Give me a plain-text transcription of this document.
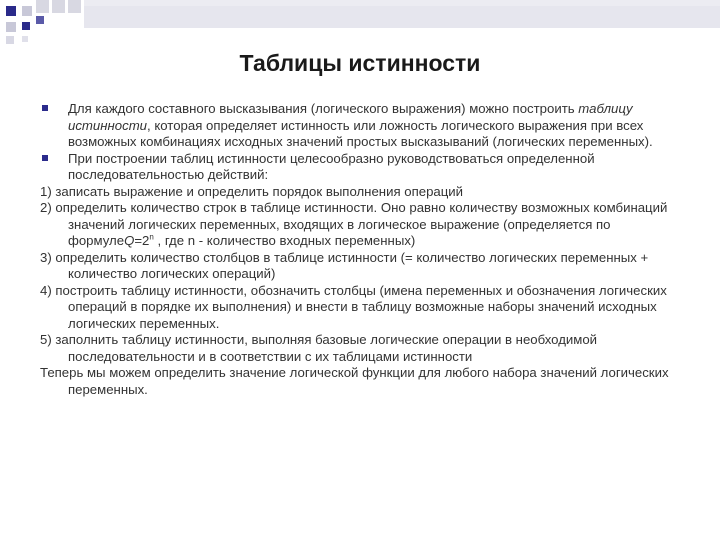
Таблицы истинности

Для каждого составного высказывания (логического выражения) можно построить таблицу истинности, которая определяет истинность или ложность логического выражения при всех возможных комбинациях исходных значений простых высказываний (логических переменных).

При построении таблиц истинности целесообразно руководствоваться определенной последовательностью действий:

1) записать выражение и определить порядок выполнения операций

2) определить количество строк в таблице истинности. Оно равно количеству возможных комбинаций значений логических переменных, входящих в логическое выражение (определяется по $формулеQ=2^n$ , где n - количество входных переменных)

3) определить количество столбцов в таблице истинности (= количество логических переменных + количество логических операций)

4) построить таблицу истинности, обозначить столбцы (имена переменных и обозначения логических операций в порядке их выполнения) и внести в таблицу возможные наборы значений исходных логических переменных.

5) заполнить таблицу истинности, выполняя базовые логические операции в необходимой последовательности и в соответствии с их таблицами истинности

Теперь мы можем определить значение логической функции для любого набора значений логических переменных.
